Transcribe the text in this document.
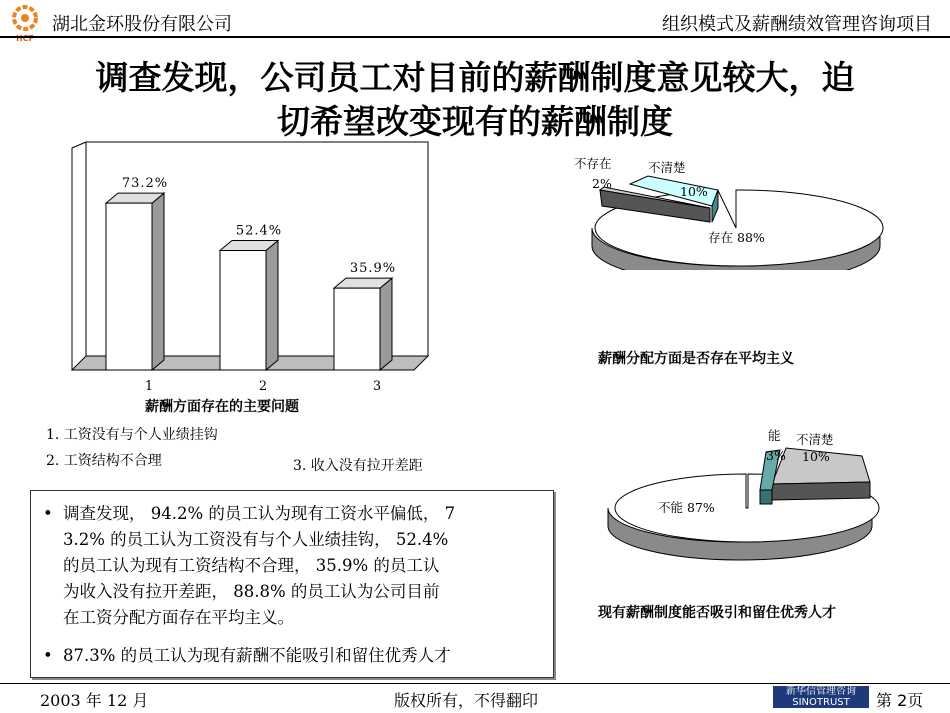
HCF
湖北金环股份有限公司	组织模式及薪酬绩效管理咨询项目
调查发现，公司员工对目前的薪酬制度意见较大，迫
切希望改变现有的薪酬制度
73.2%
1
52.4%
2
35.9%
3
薪酬方面存在的主要问题
1. 工资没有与个人业绩挂钩
2. 工资结构不合理	3. 收入没有拉开差距
• 调查发现， 94.2% 的员工认为现有工资水平偏低， 7
3.2% 的员工认为工资没有与个人业绩挂钩， 52.4%
的员工认为现有工资结构不合理， 35.9% 的员工认
为收入没有拉开差距， 88.8% 的员工认为公司目前
在工资分配方面存在平均主义。
• 87.3% 的员工认为现有薪酬不能吸引和留住优秀人才
不存在
2%
不清楚
10%
存在 88%
薪酬分配方面是否存在平均主义
能
3%
不清楚
10%
不能 87%
现有薪酬制度能否吸引和留住优秀人才
2003 年 12 月	版权所有，不得翻印	新华信管理咨询
SINOTRUST	第 2页
